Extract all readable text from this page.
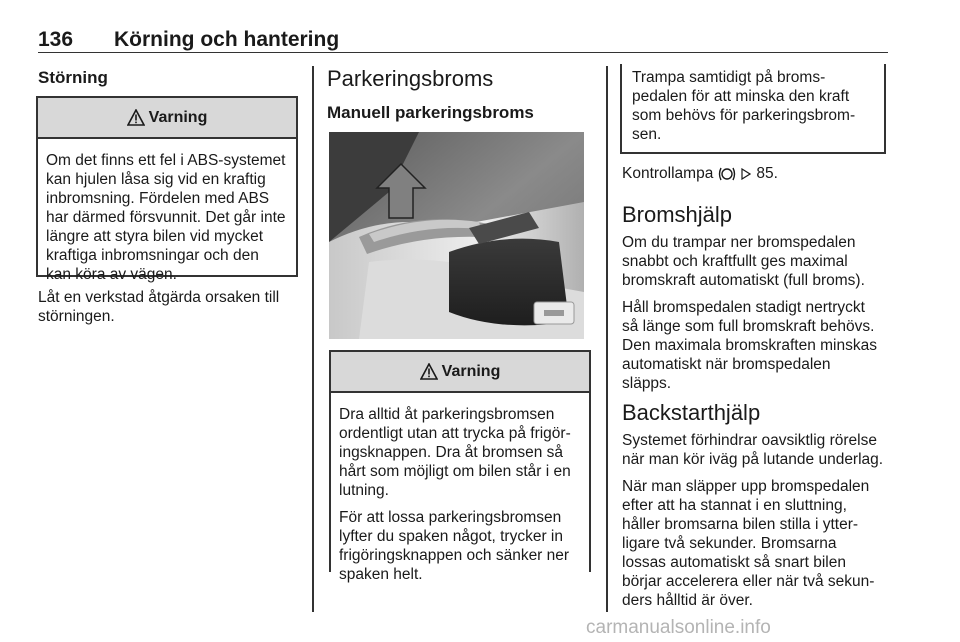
136 Körning och hantering
Störning
Varning
Om det finns ett fel i ABS-systemet
kan hjulen låsa sig vid en kraftig
inbromsning. Fördelen med ABS
har därmed försvunnit. Det går inte
längre att styra bilen vid mycket
kraftiga inbromsningar och den
kan köra av vägen.
Låt en verkstad åtgärda orsaken till
störningen.
Parkeringsbroms
Manuell parkeringsbroms
Varning
Dra alltid åt parkeringsbromsen
ordentligt utan att trycka på frigör-
ingsknappen. Dra åt bromsen så
hårt som möjligt om bilen står i en
lutning.
För att lossa parkeringsbromsen
lyfter du spaken något, trycker in
frigöringsknappen och sänker ner
spaken helt.
Trampa samtidigt på broms-
pedalen för att minska den kraft
som behövs för parkeringsbrom-
sen.
Kontrollampa	85.
Bromshjälp
Om du trampar ner bromspedalen
snabbt och kraftfullt ges maximal
bromskraft automatiskt (full broms).
Håll bromspedalen stadigt nertryckt
så länge som full bromskraft behövs.
Den maximala bromskraften minskas
automatiskt när bromspedalen
släpps.
Backstarthjälp
Systemet förhindrar oavsiktlig rörelse
när man kör iväg på lutande underlag.
När man släpper upp bromspedalen
efter att ha stannat i en sluttning,
håller bromsarna bilen stilla i ytter-
ligare två sekunder. Bromsarna
lossas automatiskt så snart bilen
börjar accelerera eller när två sekun-
ders hålltid är över.
carmanualsonline.info
